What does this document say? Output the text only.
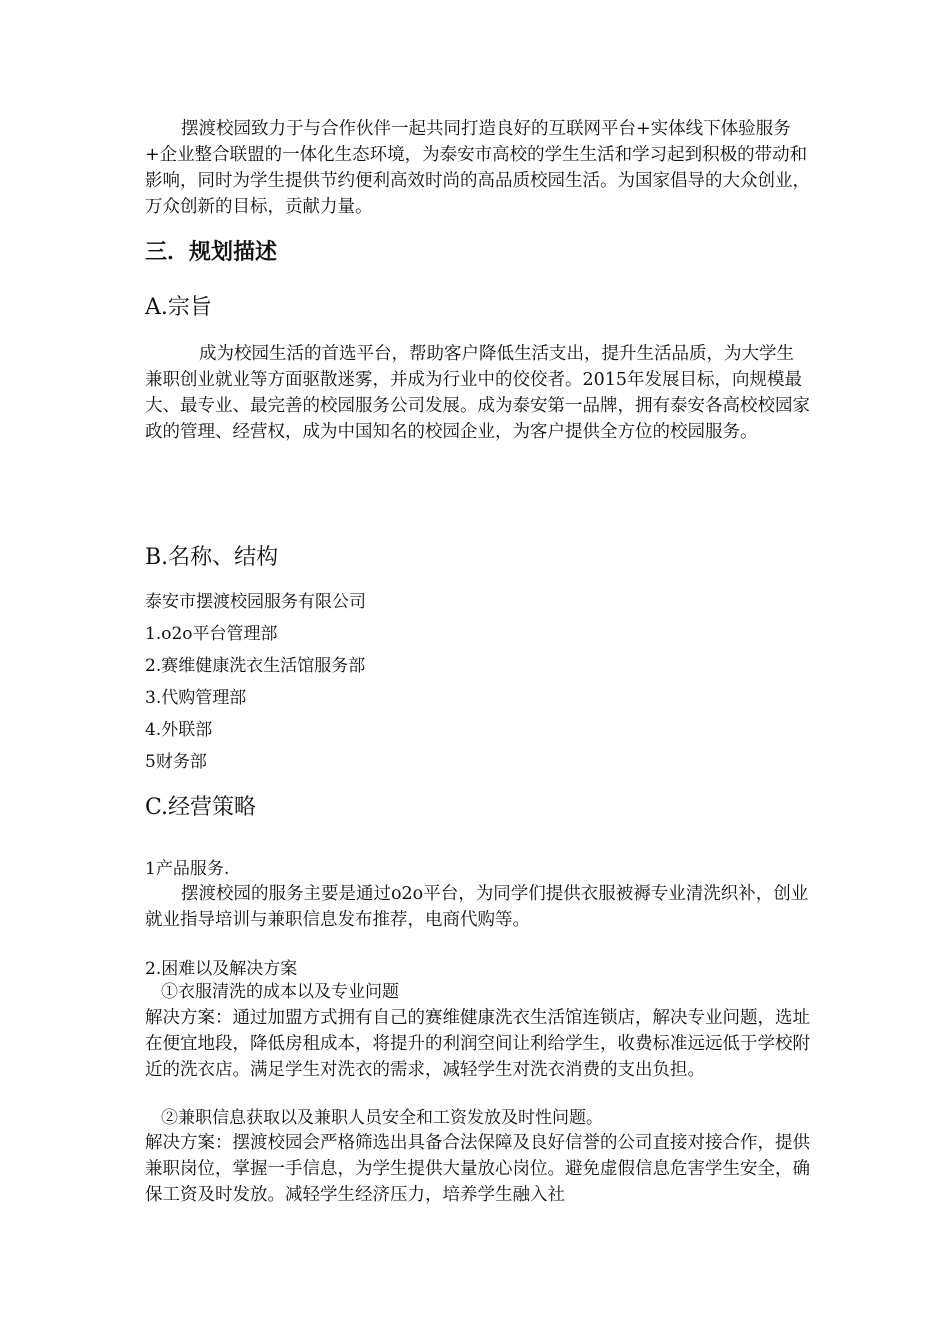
摆渡校园致力于与合作伙伴一起共同打造良好的互联网平台+实体线下体验服务+企业整合联盟的一体化生态环境，为泰安市高校的学生生活和学习起到积极的带动和影响，同时为学生提供节约便利高效时尚的高品质校园生活。为国家倡导的大众创业，万众创新的目标，贡献力量。

三．规划描述
A.宗旨

成为校园生活的首选平台，帮助客户降低生活支出，提升生活品质，为大学生兼职创业就业等方面驱散迷雾，并成为行业中的佼佼者。2015年发展目标，向规模最大、最专业、最完善的校园服务公司发展。成为泰安第一品牌，拥有泰安各高校校园家政的管理、经营权，成为中国知名的校园企业，为客户提供全方位的校园服务。

B.名称、结构
泰安市摆渡校园服务有限公司
1.o2o平台管理部
2.赛维健康洗衣生活馆服务部
3.代购管理部
4.外联部
5财务部
C.经营策略
1产品服务.

摆渡校园的服务主要是通过o2o平台，为同学们提供衣服被褥专业清洗织补，创业就业指导培训与兼职信息发布推荐，电商代购等。

2.困难以及解决方案
①衣服清洗的成本以及专业问题

解决方案：通过加盟方式拥有自己的赛维健康洗衣生活馆连锁店，解决专业问题，选址在便宜地段，降低房租成本，将提升的利润空间让利给学生，收费标准远远低于学校附近的洗衣店。满足学生对洗衣的需求，减轻学生对洗衣消费的支出负担。

②兼职信息获取以及兼职人员安全和工资发放及时性问题。

解决方案：摆渡校园会严格筛选出具备合法保障及良好信誉的公司直接对接合作，提供兼职岗位，掌握一手信息，为学生提供大量放心岗位。避免虚假信息危害学生安全，确保工资及时发放。减轻学生经济压力，培养学生融入社
